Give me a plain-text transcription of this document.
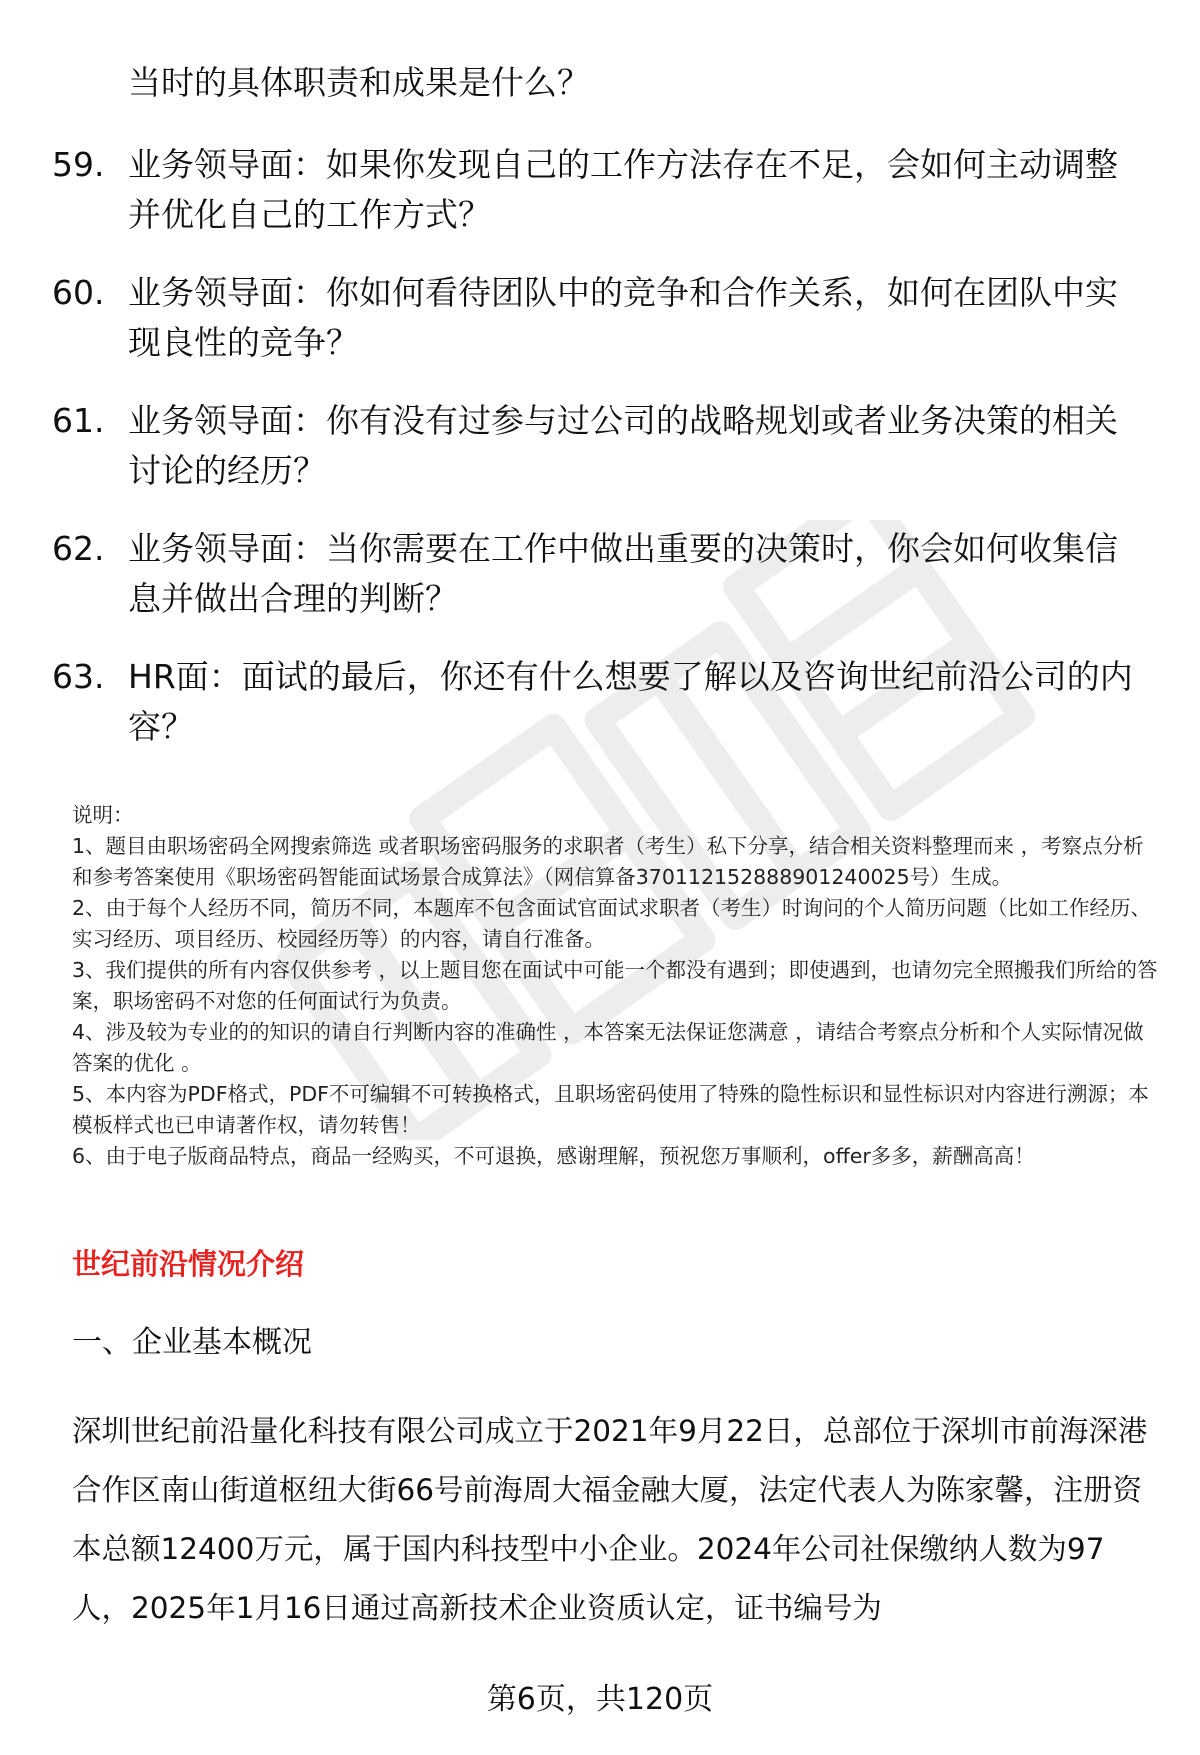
当时的具体职责和成果是什么？
59. 业务领导面：如果你发现自己的工作方法存在不足，会如何主动调整并优化自己的工作方式？
60. 业务领导面：你如何看待团队中的竞争和合作关系，如何在团队中实现良性的竞争？
61. 业务领导面：你有没有过参与过公司的战略规划或者业务决策的相关讨论的经历？
62. 业务领导面：当你需要在工作中做出重要的决策时，你会如何收集信息并做出合理的判断？
63. HR面：面试的最后，你还有什么想要了解以及咨询世纪前沿公司的内容？

说明：

1、题目由职场密码全网搜索筛选 或者职场密码服务的求职者（考生）私下分享，结合相关资料整理而来 ，考察点分析和参考答案使用《职场密码智能面试场景合成算法》（网信算备370112152888901240025号）生成。

2、由于每个人经历不同，简历不同，本题库不包含面试官面试求职者（考生）时询问的个人简历问题（比如工作经历、实习经历、项目经历、校园经历等）的内容，请自行准备。

3、我们提供的所有内容仅供参考 ，以上题目您在面试中可能一个都没有遇到；即使遇到，也请勿完全照搬我们所给的答案，职场密码不对您的任何面试行为负责。

4、涉及较为专业的的知识的请自行判断内容的准确性 ，本答案无法保证您满意 ，请结合考察点分析和个人实际情况做答案的优化 。

5、本内容为PDF格式，PDF不可编辑不可转换格式，且职场密码使用了特殊的隐性标识和显性标识对内容进行溯源；本模板样式也已申请著作权，请勿转售！

6、由于电子版商品特点，商品一经购买，不可退换，感谢理解，预祝您万事顺利，offer多多，薪酬高高！

世纪前沿情况介绍
一、企业基本概况

深圳世纪前沿量化科技有限公司成立于2021年9月22日，总部位于深圳市前海深港合作区南山街道枢纽大街66号前海周大福金融大厦，法定代表人为陈家馨，注册资本总额12400万元，属于国内科技型中小企业。2024年公司社保缴纳人数为97人，2025年1月16日通过高新技术企业资质认定，证书编号为

第6页，共120页
